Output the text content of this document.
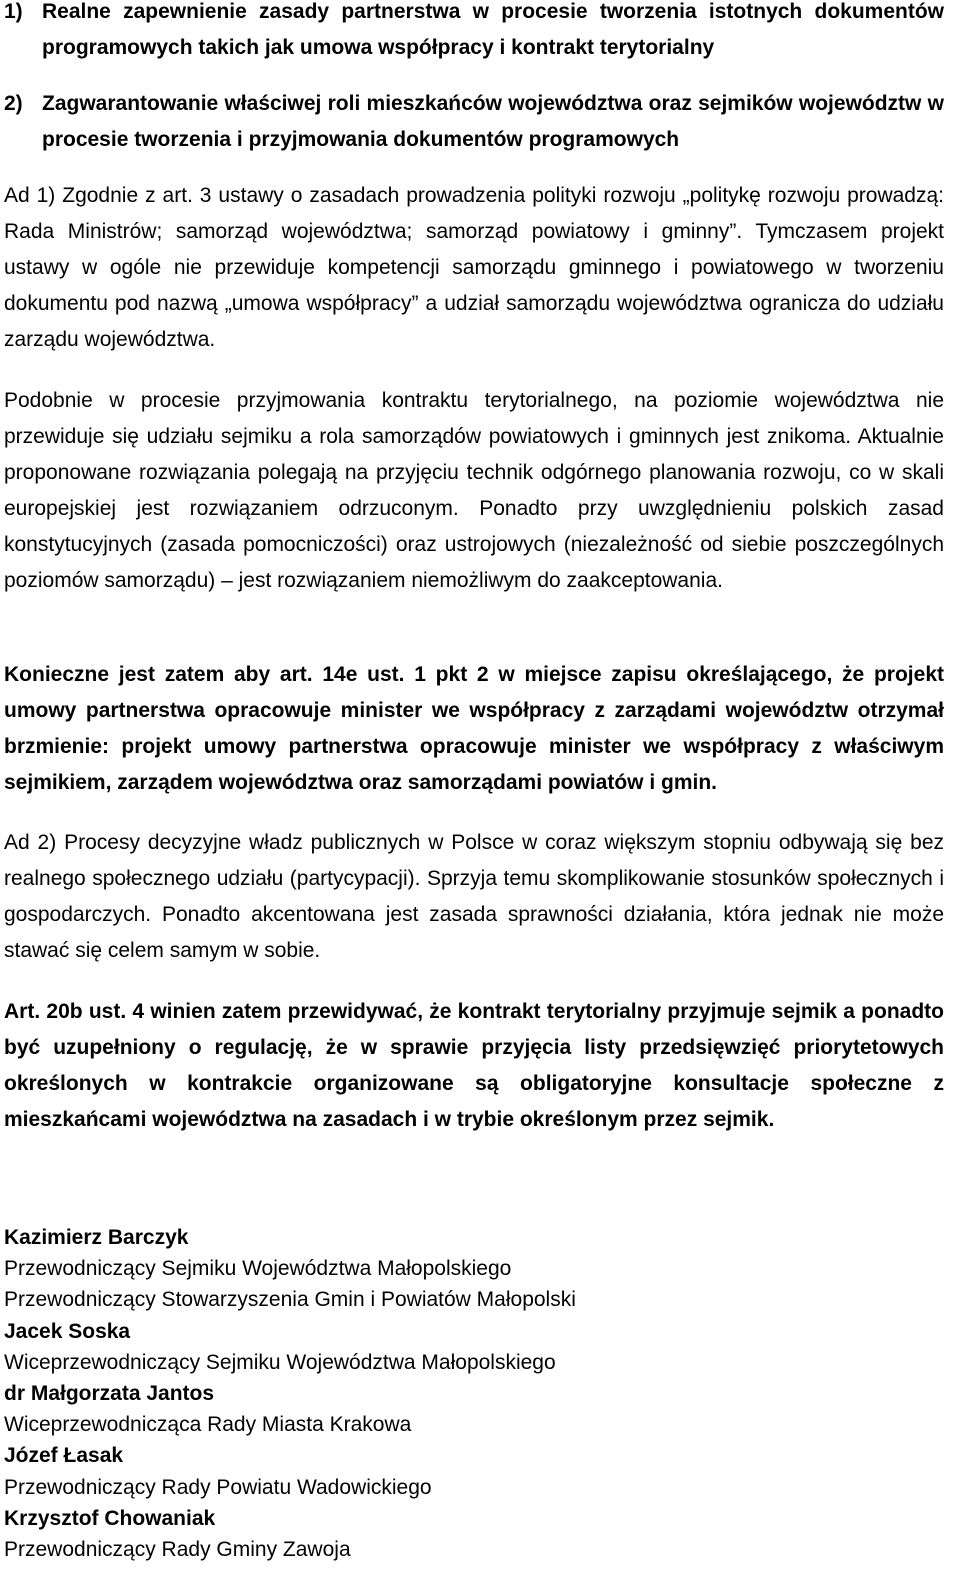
1) Realne zapewnienie zasady partnerstwa w procesie tworzenia istotnych dokumentów programowych takich jak umowa współpracy i kontrakt terytorialny
2) Zagwarantowanie właściwej roli mieszkańców województwa oraz sejmików województw w procesie tworzenia i przyjmowania dokumentów programowych

Ad 1) Zgodnie z art. 3 ustawy o zasadach prowadzenia polityki rozwoju „politykę rozwoju prowadzą: Rada Ministrów; samorząd województwa; samorząd powiatowy i gminny”. Tymczasem projekt ustawy w ogóle nie przewiduje kompetencji samorządu gminnego i powiatowego w tworzeniu dokumentu pod nazwą „umowa współpracy” a udział samorządu województwa ogranicza do udziału zarządu województwa.

Podobnie w procesie przyjmowania kontraktu terytorialnego, na poziomie województwa nie przewiduje się udziału sejmiku a rola samorządów powiatowych i gminnych jest znikoma. Aktualnie proponowane rozwiązania polegają na przyjęciu technik odgórnego planowania rozwoju, co w skali europejskiej jest rozwiązaniem odrzuconym. Ponadto przy uwzględnieniu polskich zasad konstytucyjnych (zasada pomocniczości) oraz ustrojowych (niezależność od siebie poszczególnych poziomów samorządu) – jest rozwiązaniem niemożliwym do zaakceptowania.

Konieczne jest zatem aby art. 14e ust. 1 pkt 2 w miejsce zapisu określającego, że projekt umowy partnerstwa opracowuje minister we współpracy z zarządami województw otrzymał brzmienie: projekt umowy partnerstwa opracowuje minister we współpracy z właściwym sejmikiem, zarządem województwa oraz samorządami powiatów i gmin.

Ad 2) Procesy decyzyjne władz publicznych w Polsce w coraz większym stopniu odbywają się bez realnego społecznego udziału (partycypacji). Sprzyja temu skomplikowanie stosunków społecznych i gospodarczych. Ponadto akcentowana jest zasada sprawności działania, która jednak nie może stawać się celem samym w sobie.

Art. 20b ust. 4 winien zatem przewidywać, że kontrakt terytorialny przyjmuje sejmik a ponadto być uzupełniony o regulację, że w sprawie przyjęcia listy przedsięwzięć priorytetowych określonych w kontrakcie organizowane są obligatoryjne konsultacje społeczne z mieszkańcami województwa na zasadach i w trybie określonym przez sejmik.

Kazimierz Barczyk
Przewodniczący Sejmiku Województwa Małopolskiego
Przewodniczący Stowarzyszenia Gmin i Powiatów Małopolski
Jacek Soska
Wiceprzewodniczący Sejmiku Województwa Małopolskiego
dr Małgorzata Jantos
Wiceprzewodnicząca Rady Miasta Krakowa
Józef Łasak
Przewodniczący Rady Powiatu Wadowickiego
Krzysztof Chowaniak
Przewodniczący Rady Gminy Zawoja
